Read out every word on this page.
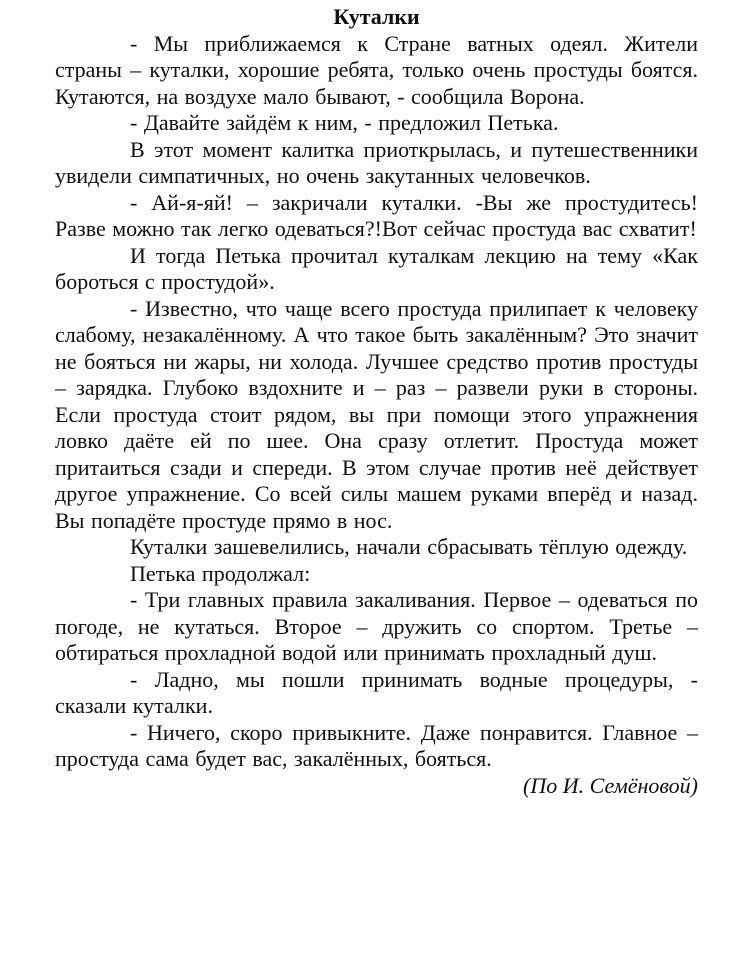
Куталки

- Мы приближаемся к Стране ватных одеял. Жители страны – куталки, хорошие ребята, только очень простуды боятся. Кутаются, на воздухе мало бывают, - сообщила Ворона.

- Давайте зайдём к ним, - предложил Петька.

В этот момент калитка приоткрылась, и путешественники увидели симпатичных, но очень закутанных человечков.

- Ай-я-яй! – закричали куталки. -Вы же простудитесь! Разве можно так легко одеваться?!Вот сейчас простуда вас схватит!

И тогда Петька прочитал куталкам лекцию на тему «Как бороться с простудой».

- Известно, что чаще всего простуда прилипает к человеку слабому, незакалённому. А что такое быть закалённым? Это значит не бояться ни жары, ни холода. Лучшее средство против простуды – зарядка. Глубоко вздохните и – раз – развели руки в стороны. Если простуда стоит рядом, вы при помощи этого упражнения ловко даёте ей по шее. Она сразу отлетит. Простуда может притаиться сзади и спереди. В этом случае против неё действует другое упражнение. Со всей силы машем руками вперёд и назад. Вы попадёте простуде прямо в нос.

Куталки зашевелились, начали сбрасывать тёплую одежду.

Петька продолжал:

- Три главных правила закаливания. Первое – одеваться по погоде, не кутаться. Второе – дружить со спортом. Третье – обтираться прохладной водой или принимать прохладный душ.

- Ладно, мы пошли принимать водные процедуры, - сказали куталки.

- Ничего, скоро привыкните. Даже понравится. Главное – простуда сама будет вас, закалённых, бояться.

(По И. Семёновой)
